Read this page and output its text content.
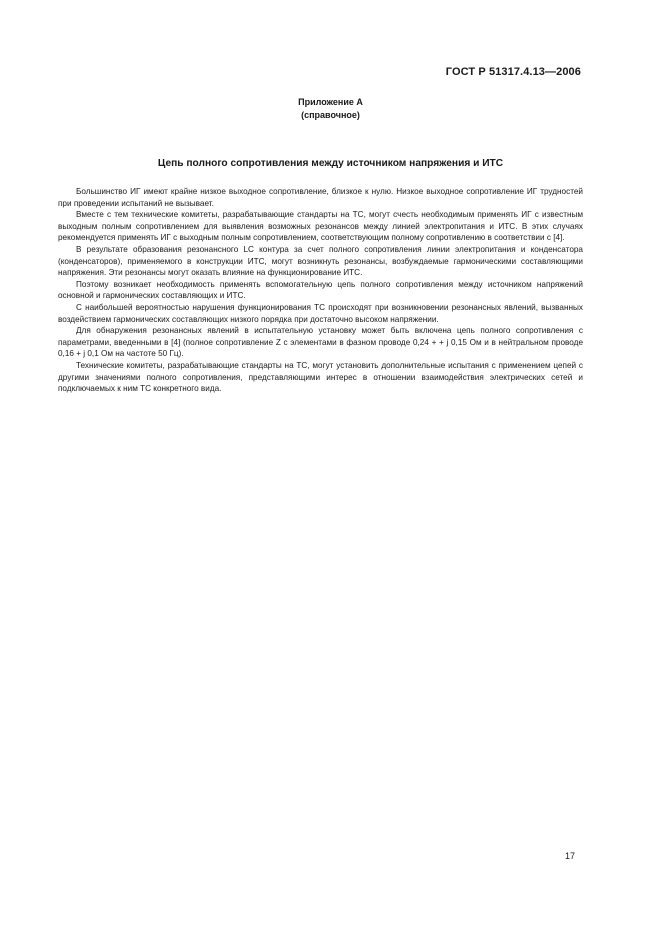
ГОСТ Р 51317.4.13—2006
Приложение А
(справочное)
Цепь полного сопротивления между источником напряжения и ИТС

Большинство ИГ имеют крайне низкое выходное сопротивление, близкое к нулю. Низкое выходное сопротивление ИГ трудностей при проведении испытаний не вызывает.

Вместе с тем технические комитеты, разрабатывающие стандарты на ТС, могут счесть необходимым применять ИГ с известным выходным полным сопротивлением для выявления возможных резонансов между линией электропитания и ИТС. В этих случаях рекомендуется применять ИГ с выходным полным сопротивлением, соответствующим полному сопротивлению в соответствии с [4].

В результате образования резонансного LC контура за счет полного сопротивления линии электропитания и конденсатора (конденсаторов), применяемого в конструкции ИТС, могут возникнуть резонансы, возбуждаемые гармоническими составляющими напряжения. Эти резонансы могут оказать влияние на функционирование ИТС.

Поэтому возникает необходимость применять вспомогательную цепь полного сопротивления между источником напряжений основной и гармонических составляющих и ИТС.

С наибольшей вероятностью нарушения функционирования ТС происходят при возникновении резонансных явлений, вызванных воздействием гармонических составляющих низкого порядка при достаточно высоком напряжении.

Для обнаружения резонансных явлений в испытательную установку может быть включена цепь полного сопротивления с параметрами, введенными в [4] (полное сопротивление Z с элементами в фазном проводе 0,24 + + j 0,15 Ом и в нейтральном проводе 0,16 + j 0,1 Ом на частоте 50 Гц).

Технические комитеты, разрабатывающие стандарты на ТС, могут установить дополнительные испытания с применением цепей с другими значениями полного сопротивления, представляющими интерес в отношении взаимодействия электрических сетей и подключаемых к ним ТС конкретного вида.

17
